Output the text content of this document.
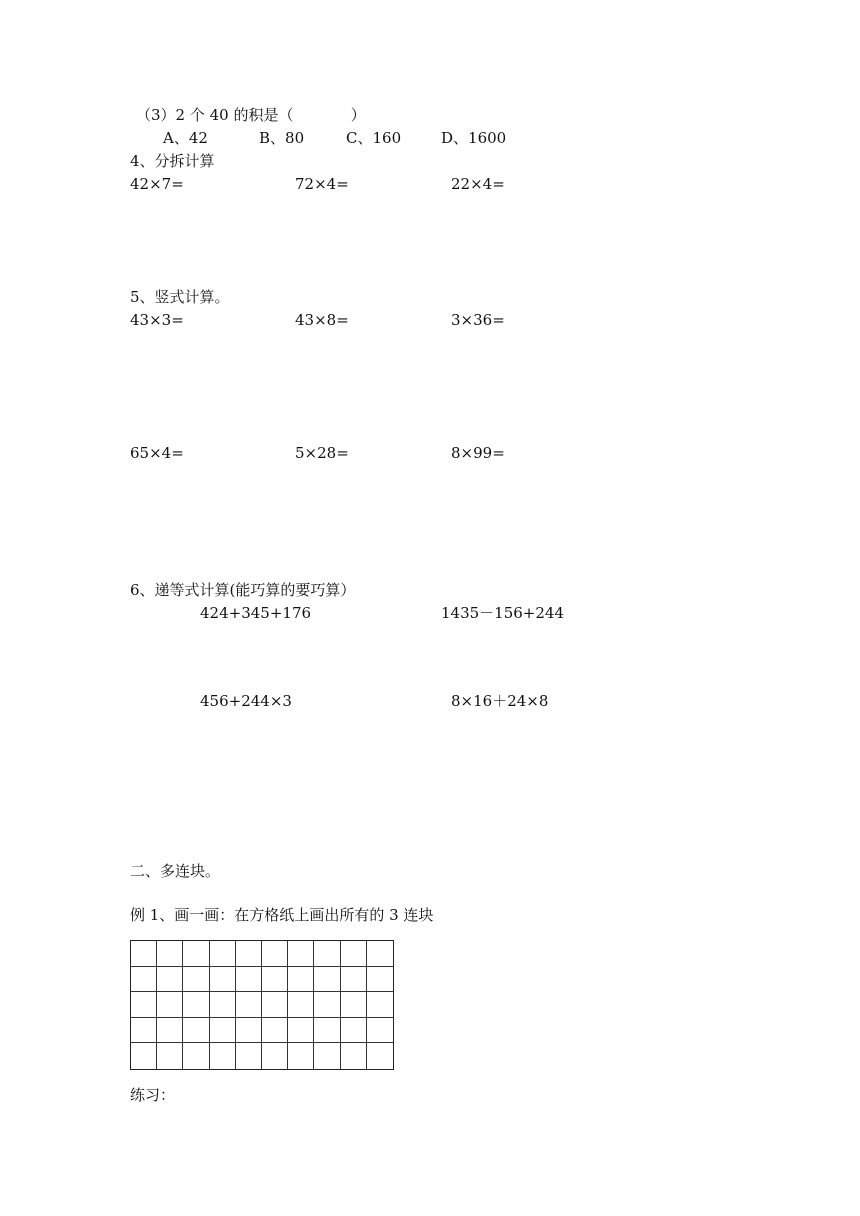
（3）2 个 40 的积是（            ）
A、42	B、80	C、160	D、1600
4、分拆计算
42×7=	72×4=	22×4=
5、竖式计算。
43×3=	43×8=	3×36=
65×4=	5×28=	8×99=
6、递等式计算(能巧算的要巧算）
424+345+176	1435－156+244
456+244×3	8×16＋24×8
二、多连块。
例 1、画一画：在方格纸上画出所有的 3 连块
练习：
